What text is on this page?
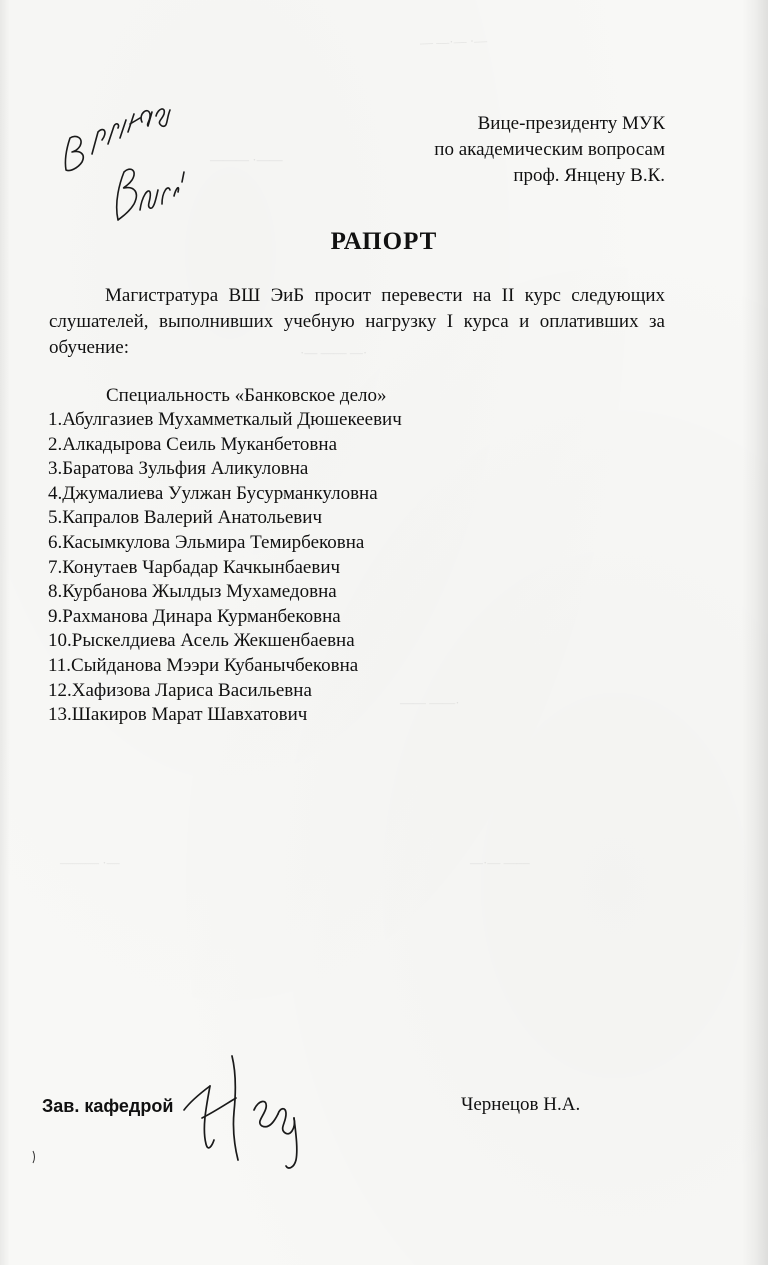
— —·— ·—
——— ·——
·— —— —·
—— ——·
——— ·—	—·— ——
Вице-президенту МУК
по академическим вопросам
проф. Янцену В.К.
РАПОРТ
Магистратура ВШ ЭиБ просит перевести на II курс следующих слушателей, выполнивших учебную нагрузку I курса и оплативших за обучение:
Специальность «Банковское дело»
1.Абулгазиев Мухамметкалый Дюшекеевич
2.Алкадырова Сеиль Муканбетовна
3.Баратова Зульфия Аликуловна
4.Джумалиева Уулжан Бусурманкуловна
5.Капралов Валерий Анатольевич
6.Касымкулова Эльмира Темирбековна
7.Конутаев Чарбадар Качкынбаевич
8.Курбанова Жылдыз Мухамедовна
9.Рахманова Динара Курманбековна
10.Рыскелдиева Асель Жекшенбаевна
11.Сыйданова Мээри Кубанычбековна
12.Хафизова Лариса Васильевна
13.Шакиров Марат Шавхатович
Зав. кафедрой	Чернецов Н.А.
